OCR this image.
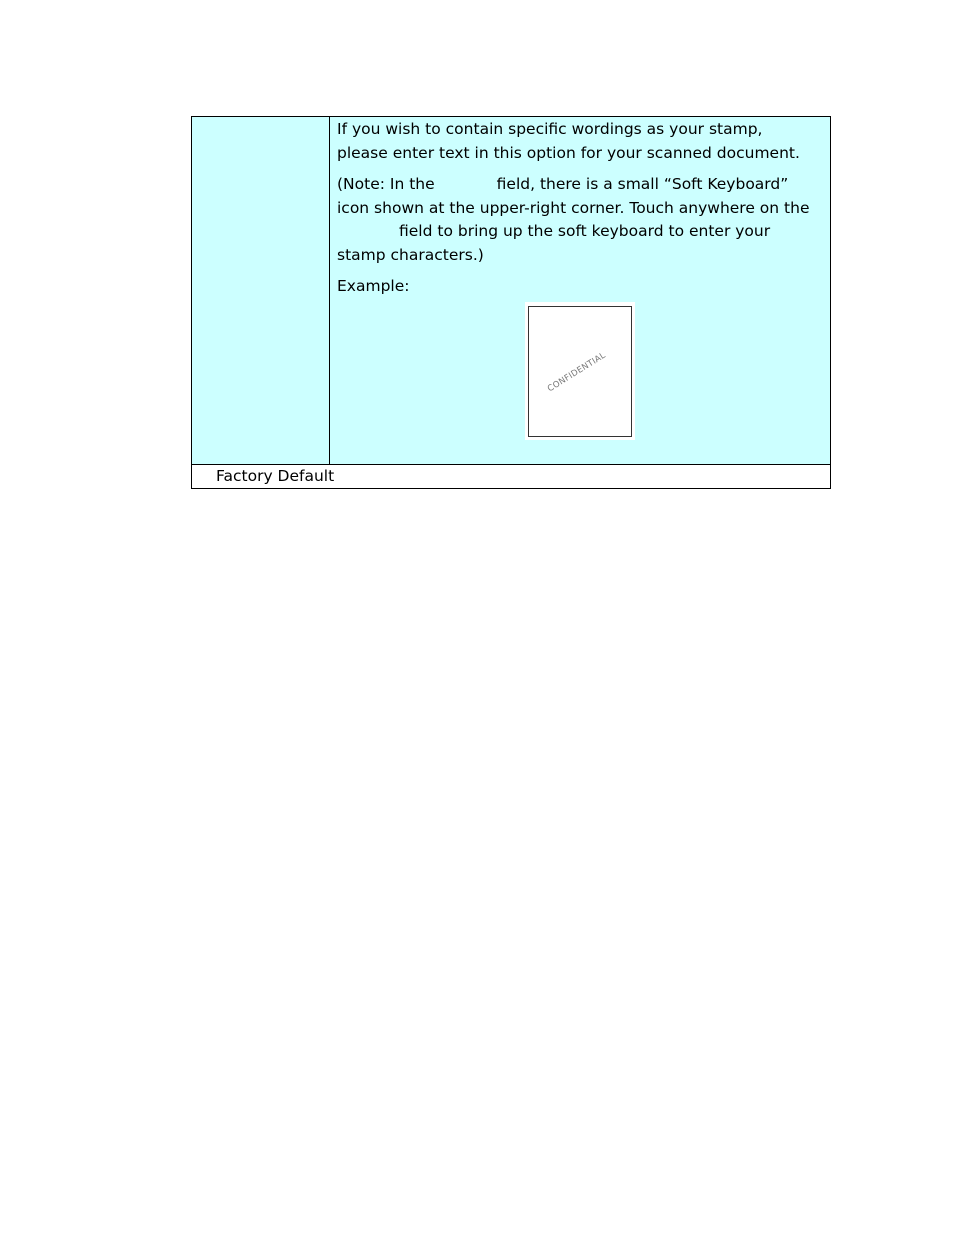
If you wish to contain specific wordings as your stamp, please enter text in this option for your scanned document.

(Note: In the	field, there is a small “Soft Keyboard” icon shown at the upper-right corner. Touch anywhere on thefield to bring up the soft keyboard to enter your stamp characters.)

Example:

CONFIDENTIAL

Factory Default
